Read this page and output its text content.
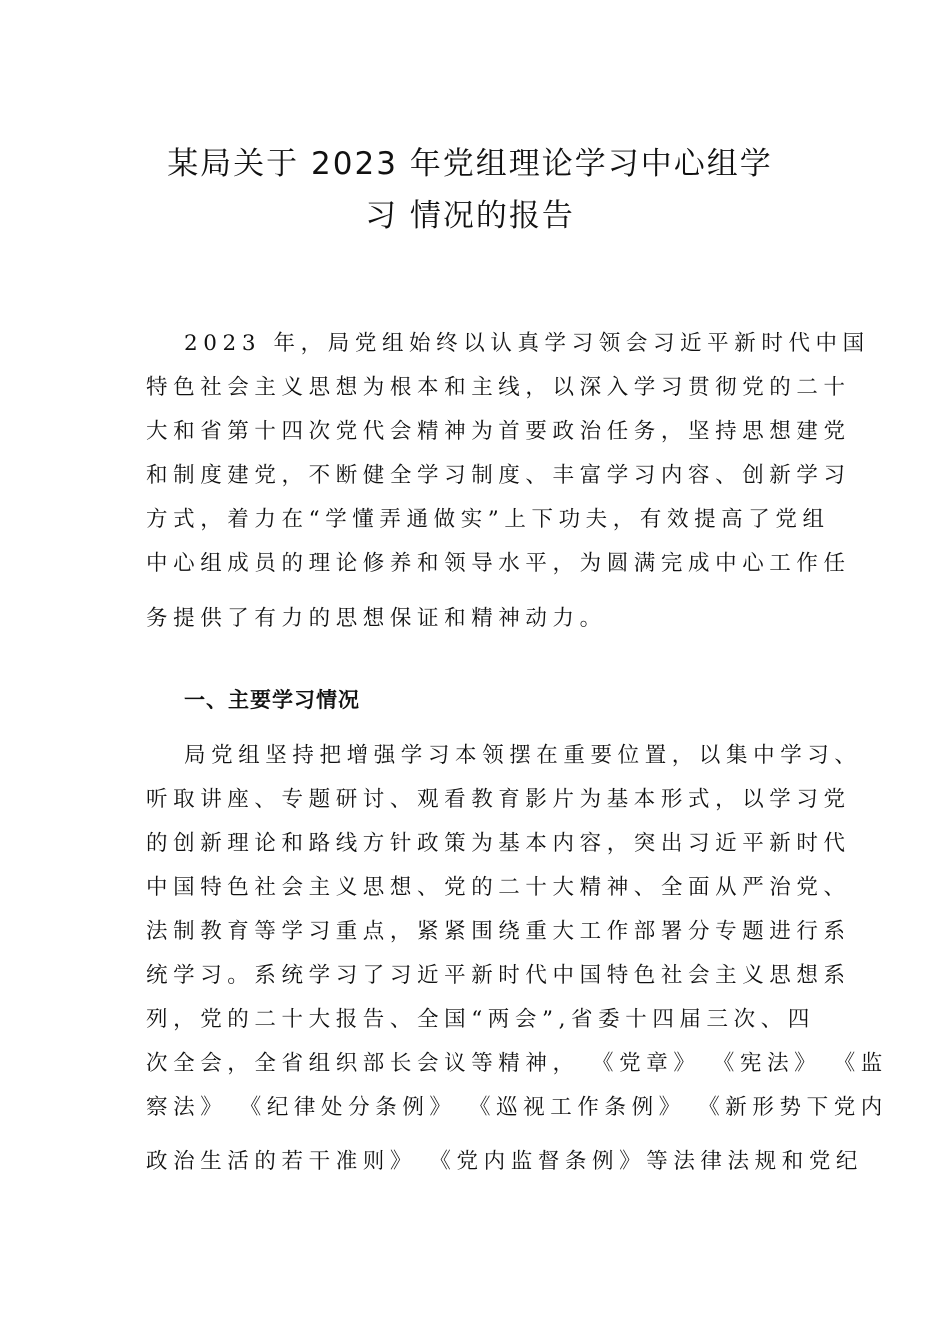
某局关于 2023 年党组理论学习中心组学
习 情况的报告
2023 年，局党组始终以认真学习领会习近平新时代中国
特色社会主义思想为根本和主线，以深入学习贯彻党的二十
大和省第十四次党代会精神为首要政治任务，坚持思想建党
和制度建党，不断健全学习制度、丰富学习内容、创新学习
方式，着力在“学懂弄通做实”上下功夫，有效提高了党组
中心组成员的理论修养和领导水平，为圆满完成中心工作任
务提供了有力的思想保证和精神动力。
一、主要学习情况
局党组坚持把增强学习本领摆在重要位置，以集中学习、
听取讲座、专题研讨、观看教育影片为基本形式，以学习党
的创新理论和路线方针政策为基本内容，突出习近平新时代
中国特色社会主义思想、党的二十大精神、全面从严治党、
法制教育等学习重点，紧紧围绕重大工作部署分专题进行系
统学习。系统学习了习近平新时代中国特色社会主义思想系
列，党的二十大报告、全国“两会”,省委十四届三次、四
次全会，全省组织部长会议等精神， 《党章》 《宪法》 《监
察法》 《纪律处分条例》 《巡视工作条例》 《新形势下党内
政治生活的若干准则》 《党内监督条例》等法律法规和党纪
